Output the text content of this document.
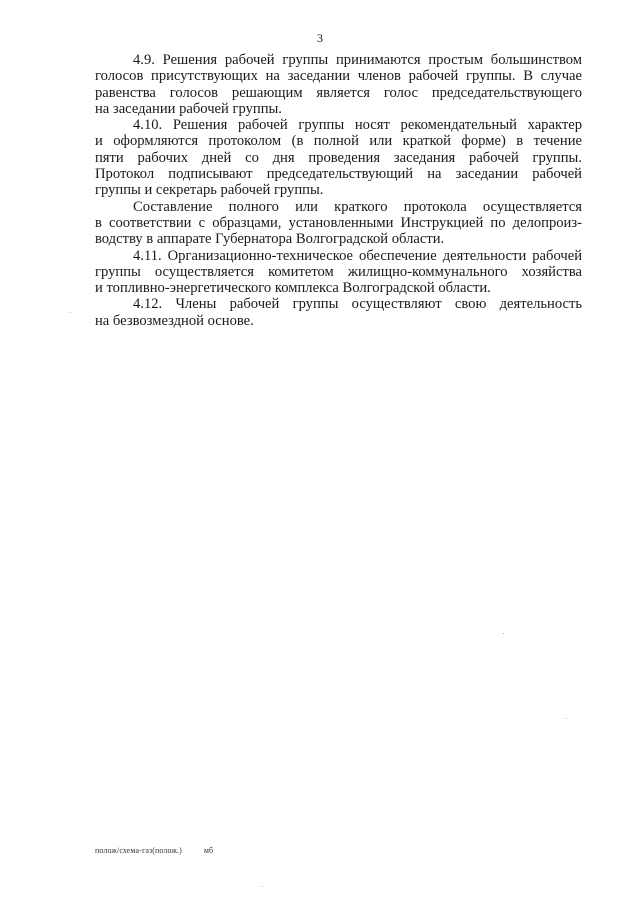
3

4.9. Решения рабочей группы принимаются простым большинством
голосов присутствующих на заседании членов рабочей группы. В случае
равенства голосов решающим является голос председательствующего
на заседании рабочей группы.

4.10. Решения рабочей группы носят рекомендательный характер
и оформляются протоколом (в полной или краткой форме) в течение
пяти рабочих дней со дня проведения заседания рабочей группы.
Протокол подписывают председательствующий на заседании рабочей
группы и секретарь рабочей группы.

Составление полного или краткого протокола осуществляется
в соответствии с образцами, установленными Инструкцией по делопроиз-
водству в аппарате Губернатора Волгоградской области.

4.11. Организационно-техническое обеспечение деятельности рабочей
группы осуществляется комитетом жилищно-коммунального хозяйства
и топливно-энергетического комплекса Волгоградской области.

4.12. Члены рабочей группы осуществляют свою деятельность
на безвозмездной основе.

полож/схема-газ(полож.)	мб
